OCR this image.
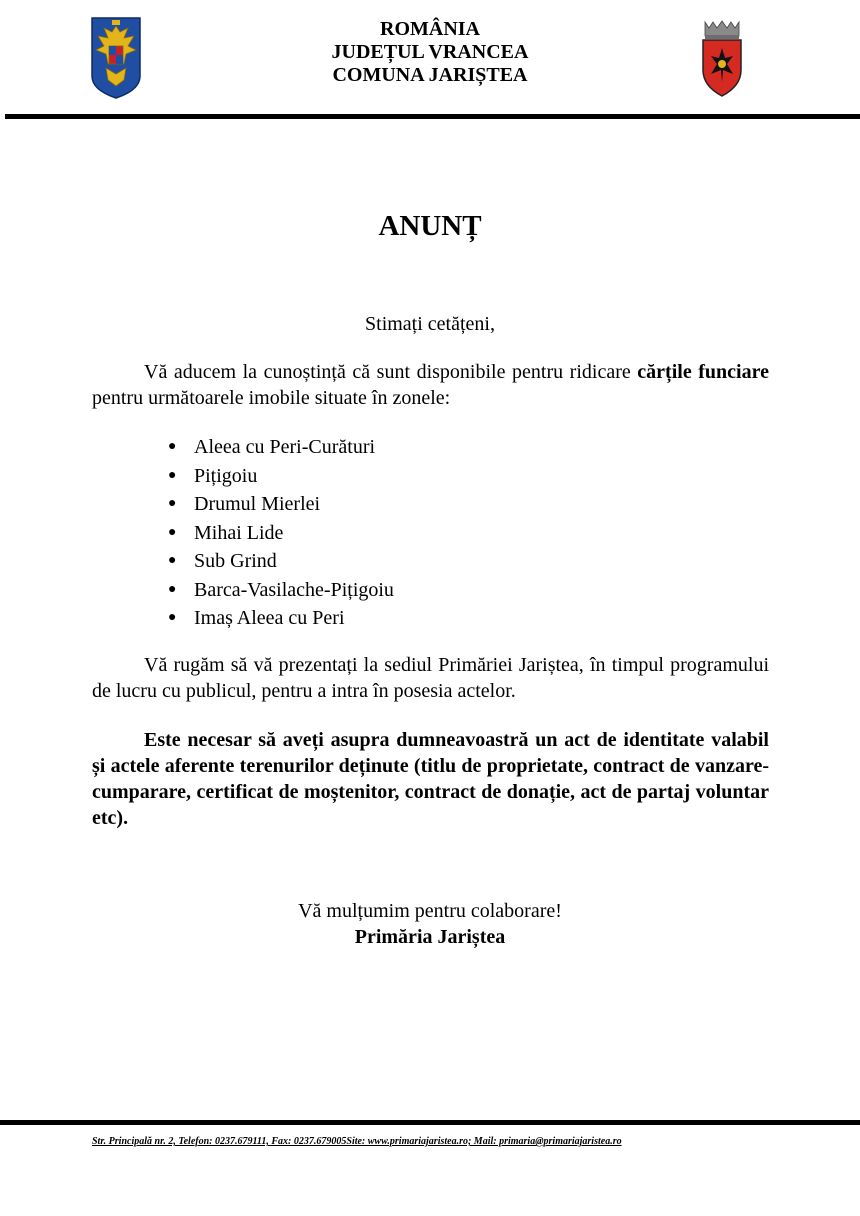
ROMÂNIA
JUDEȚUL VRANCEA
COMUNA JARIȘTEA
ANUNȚ
Stimați cetățeni,
Vă aducem la cunoștință că sunt disponibile pentru ridicare cărțile funciare pentru următoarele imobile situate în zonele:
● Aleea cu Peri-Curături
● Pițigoiu
● Drumul Mierlei
● Mihai Lide
● Sub Grind
● Barca-Vasilache-Pițigoiu
● Imaș Aleea cu Peri
Vă rugăm să vă prezentați la sediul Primăriei Jariștea, în timpul programului de lucru cu publicul, pentru a intra în posesia actelor.
Este necesar să aveți asupra dumneavoastră un act de identitate valabil și actele aferente terenurilor deținute (titlu de proprietate, contract de vanzare-cumparare, certificat de moștenitor, contract de donație, act de partaj voluntar etc).
Vă mulțumim pentru colaborare!
Primăria Jariștea
Str. Principală nr. 2, Telefon: 0237.679111, Fax: 0237.679005Site: www.primariajaristea.ro; Mail: primaria@primariajaristea.ro
